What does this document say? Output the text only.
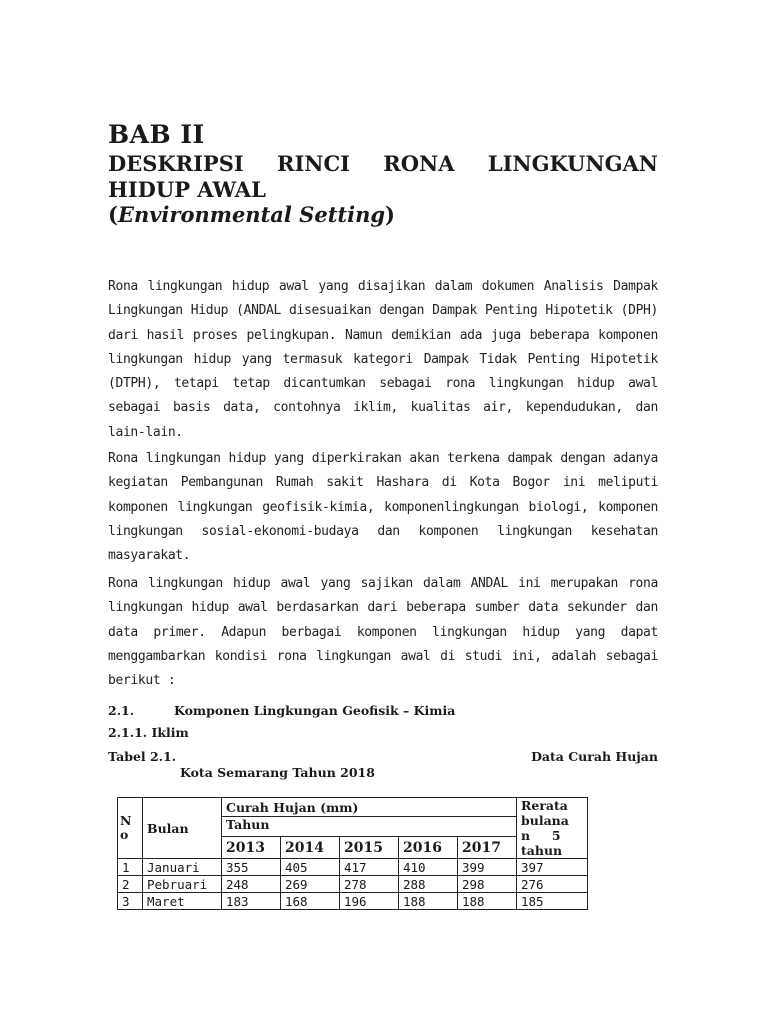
BAB II
DESKRIPSI RINCI RONA LINGKUNGAN
HIDUP AWAL
(Environmental Setting)
Rona lingkungan hidup awal yang disajikan dalam dokumen Analisis Dampak Lingkungan Hidup (ANDAL disesuaikan dengan Dampak Penting Hipotetik (DPH) dari hasil proses pelingkupan. Namun demikian ada juga beberapa komponen lingkungan hidup yang termasuk kategori Dampak Tidak Penting Hipotetik (DTPH), tetapi tetap dicantumkan sebagai rona lingkungan hidup awal sebagai basis data, contohnya iklim, kualitas air, kependudukan, dan lain-lain.
Rona lingkungan hidup yang diperkirakan akan terkena dampak dengan adanya kegiatan Pembangunan Rumah sakit Hashara di Kota Bogor ini meliputi komponen lingkungan geofisik-kimia, komponenlingkungan biologi, komponen lingkungan sosial-ekonomi-budaya dan komponen lingkungan kesehatan masyarakat.
Rona lingkungan hidup awal yang sajikan dalam ANDAL ini merupakan rona lingkungan hidup awal berdasarkan dari beberapa sumber data sekunder dan data primer. Adapun berbagai komponen lingkungan hidup yang dapat menggambarkan kondisi rona lingkungan awal di studi ini, adalah sebagai berikut :
2.1.	Komponen Lingkungan Geofisik – Kimia
2.1.1. Iklim
Tabel 2.1.	Data Curah Hujan
Kota Semarang Tahun 2018
N
o	Bulan	Curah Hujan (mm)					Rerata
bulana
n     5
tahun
		Tahun					
		2013	2014	2015	2016	2017	
1	Januari	355	405	417	410	399	397
2	Pebruari	248	269	278	288	298	276
3	Maret	183	168	196	188	188	185
